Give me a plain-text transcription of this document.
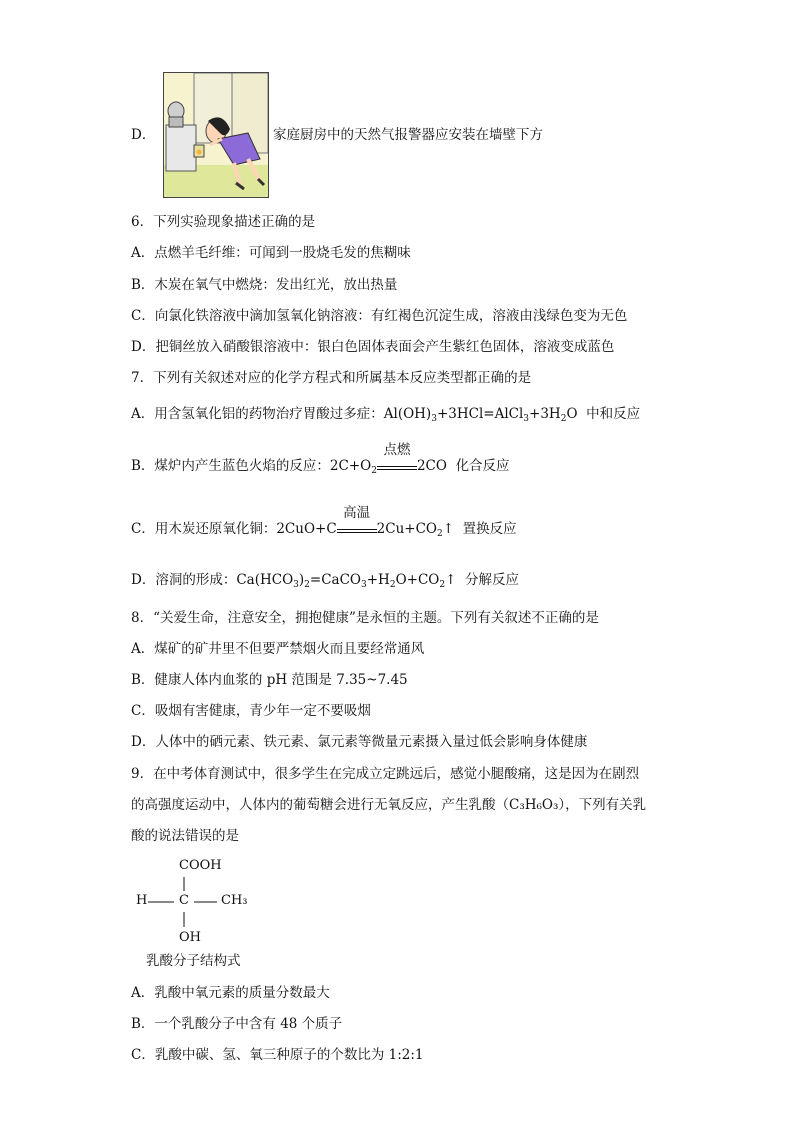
D．	家庭厨房中的天然气报警器应安装在墙壁下方
6．下列实验现象描述正确的是
A．点燃羊毛纤维：可闻到一股烧毛发的焦糊味
B．木炭在氧气中燃烧：发出红光，放出热量
C．向氯化铁溶液中滴加氢氧化钠溶液：有红褐色沉淀生成，溶液由浅绿色变为无色
D．把铜丝放入硝酸银溶液中：银白色固体表面会产生紫红色固体，溶液变成蓝色
7．下列有关叙述对应的化学方程式和所属基本反应类型都正确的是
A．用含氢氧化铝的药物治疗胃酸过多症：$Al(OH)_3+3HCl=AlCl_3+3H_2O$ 中和反应
B．煤炉内产生蓝色火焰的反应：$2C+O_2$
点燃
2CO 化合反应
C．用木炭还原氧化铜：2CuO+C
高温
$2Cu+CO_2↑$ 置换反应
D．溶洞的形成：$Ca(HCO_3)_2=CaCO_3+H_2O+CO_2↑$ 分解反应
8．“关爱生命，注意安全，拥抱健康”是永恒的主题。下列有关叙述不正确的是
A．煤矿的矿井里不但要严禁烟火而且要经常通风
B．健康人体内血浆的 pH 范围是 7.35~7.45
C．吸烟有害健康，青少年一定不要吸烟
D．人体中的硒元素、铁元素、氯元素等微量元素摄入量过低会影响身体健康
9．在中考体育测试中，很多学生在完成立定跳远后，感觉小腿酸痛，这是因为在剧烈
的高强度运动中，人体内的葡萄糖会进行无氧反应，产生乳酸（C₃H₆O₃），下列有关乳
酸的说法错误的是
COOH
H C CH₃
OH
乳酸分子结构式
A．乳酸中氧元素的质量分数最大
B．一个乳酸分子中含有 48 个质子
C．乳酸中碳、氢、氧三种原子的个数比为 1:2:1
